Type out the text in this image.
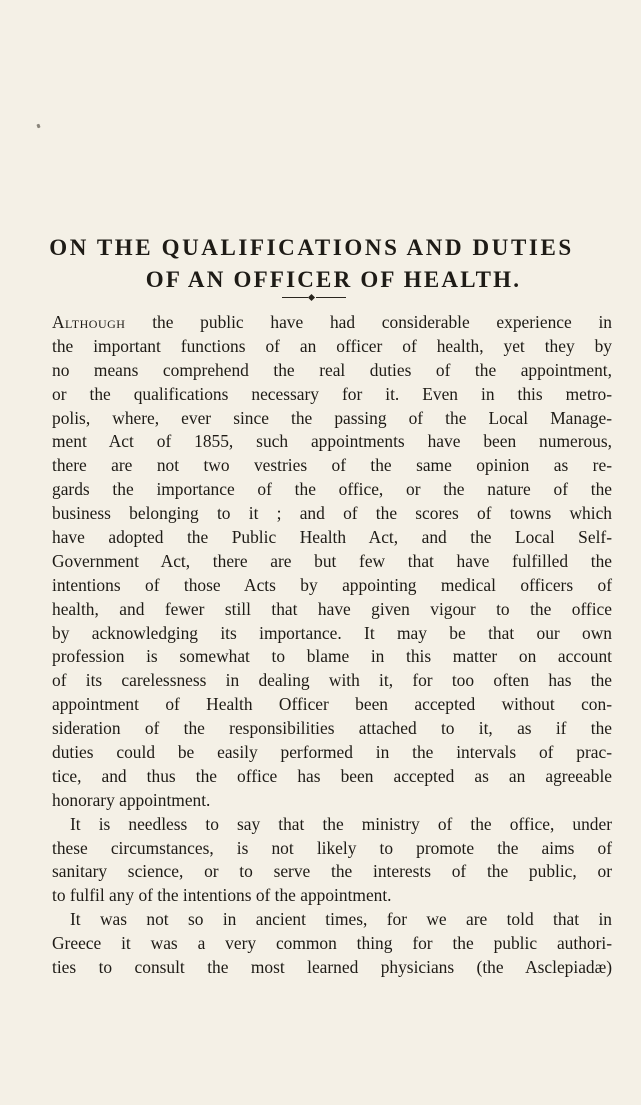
ON THE QUALIFICATIONS AND DUTIES

OF AN OFFICER OF HEALTH.

Although the public have had considerable experience in
the important functions of an officer of health, yet they by
no means comprehend the real duties of the appointment,
or the qualifications necessary for it. Even in this metro-
polis, where, ever since the passing of the Local Manage-
ment Act of 1855, such appointments have been numerous,
there are not two vestries of the same opinion as re-
gards the importance of the office, or the nature of the
business belonging to it ; and of the scores of towns which
have adopted the Public Health Act, and the Local Self-
Government Act, there are but few that have fulfilled the
intentions of those Acts by appointing medical officers of
health, and fewer still that have given vigour to the office
by acknowledging its importance. It may be that our own
profession is somewhat to blame in this matter on account
of its carelessness in dealing with it, for too often has the
appointment of Health Officer been accepted without con-
sideration of the responsibilities attached to it, as if the
duties could be easily performed in the intervals of prac-
tice, and thus the office has been accepted as an agreeable
honorary appointment.
It is needless to say that the ministry of the office, under
these circumstances, is not likely to promote the aims of
sanitary science, or to serve the interests of the public, or
to fulfil any of the intentions of the appointment.
It was not so in ancient times, for we are told that in
Greece it was a very common thing for the public authori-
ties to consult the most learned physicians (the Asclepiadæ)
